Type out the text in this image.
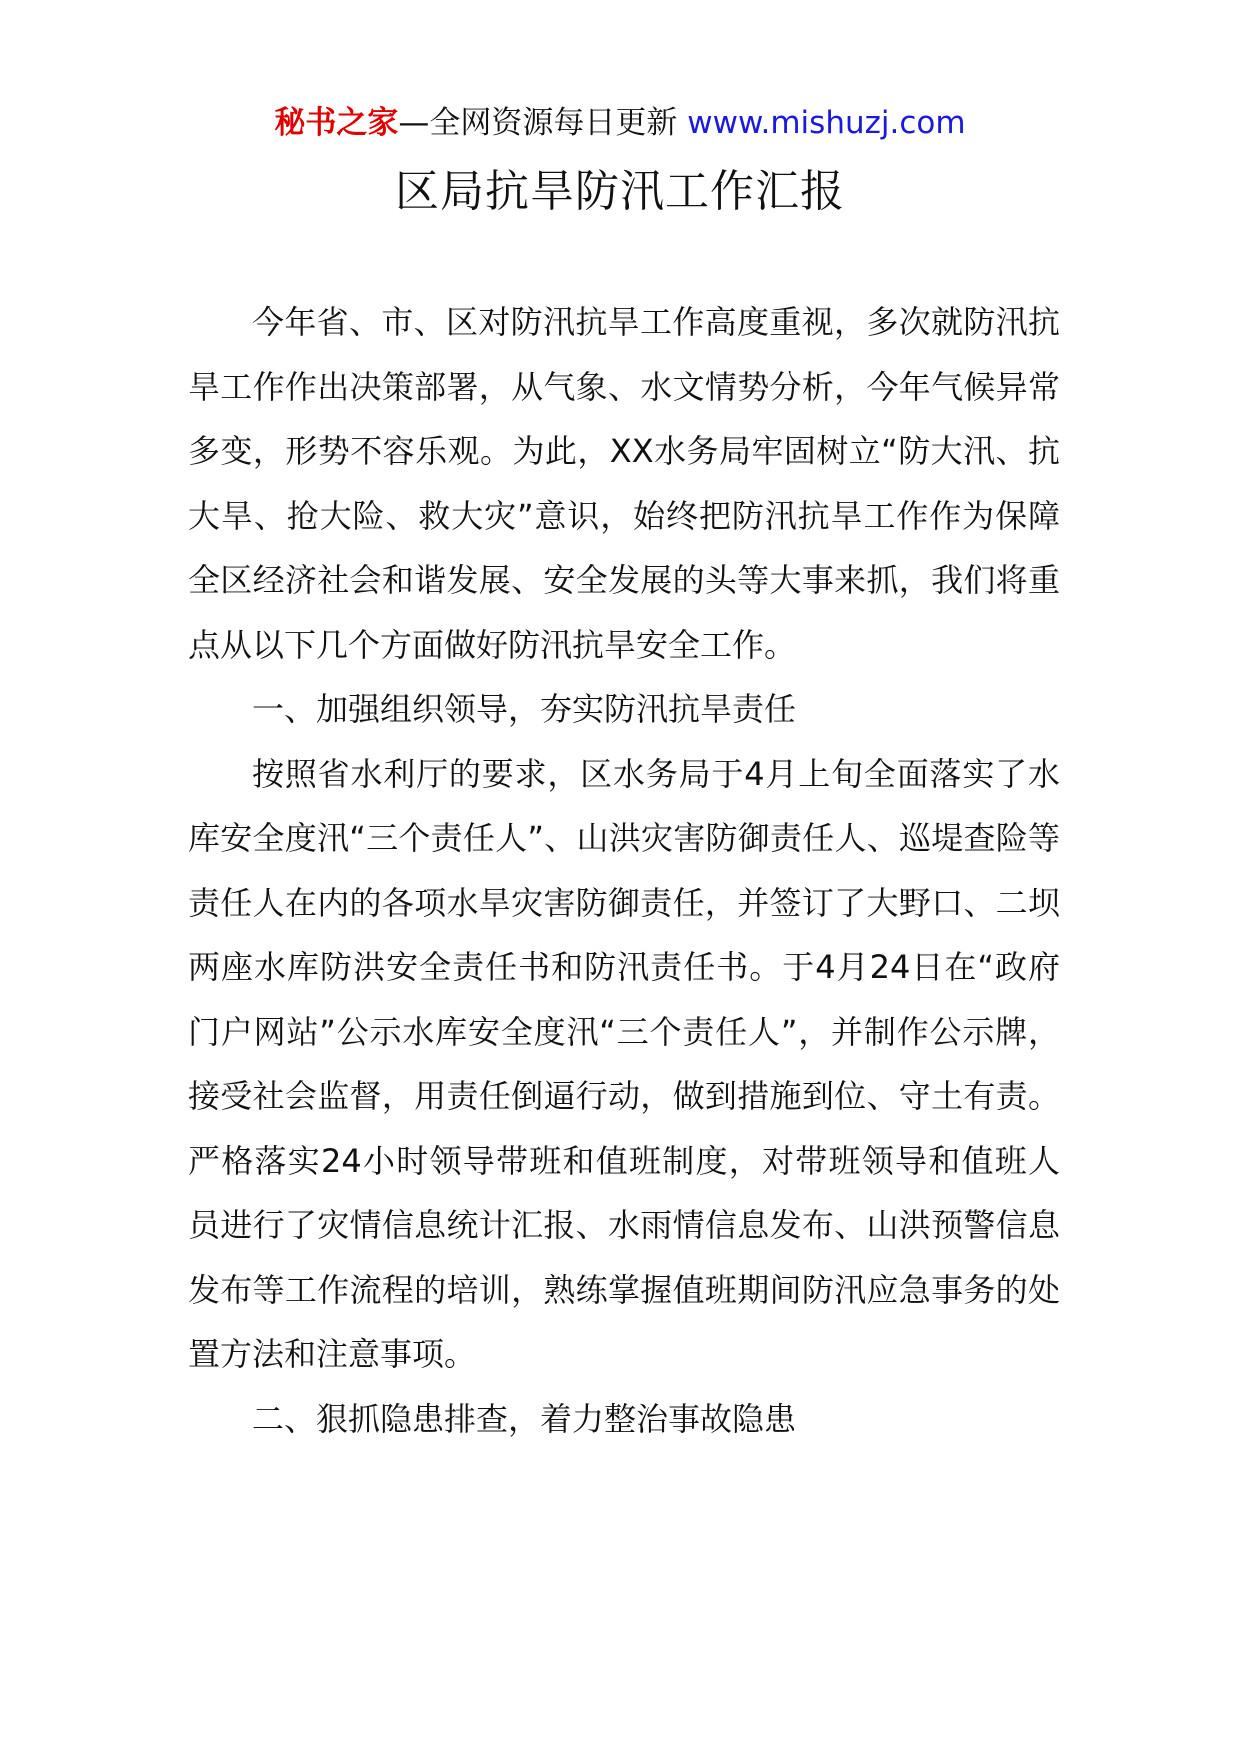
秘书之家—全网资源每日更新 www.mishuzj.com
区局抗旱防汛工作汇报

今年省、市、区对防汛抗旱工作高度重视，多次就防汛抗旱工作作出决策部署，从气象、水文情势分析，今年气候异常多变，形势不容乐观。为此，XX水务局牢固树立“防大汛、抗大旱、抢大险、救大灾”意识，始终把防汛抗旱工作作为保障全区经济社会和谐发展、安全发展的头等大事来抓，我们将重点从以下几个方面做好防汛抗旱安全工作。

一、加强组织领导，夯实防汛抗旱责任

按照省水利厅的要求，区水务局于4月上旬全面落实了水库安全度汛“三个责任人”、山洪灾害防御责任人、巡堤查险等责任人在内的各项水旱灾害防御责任，并签订了大野口、二坝两座水库防洪安全责任书和防汛责任书。于4月24日在“政府门户网站”公示水库安全度汛“三个责任人”，并制作公示牌，接受社会监督，用责任倒逼行动，做到措施到位、守土有责。严格落实24小时领导带班和值班制度，对带班领导和值班人员进行了灾情信息统计汇报、水雨情信息发布、山洪预警信息发布等工作流程的培训，熟练掌握值班期间防汛应急事务的处置方法和注意事项。

二、狠抓隐患排查，着力整治事故隐患
